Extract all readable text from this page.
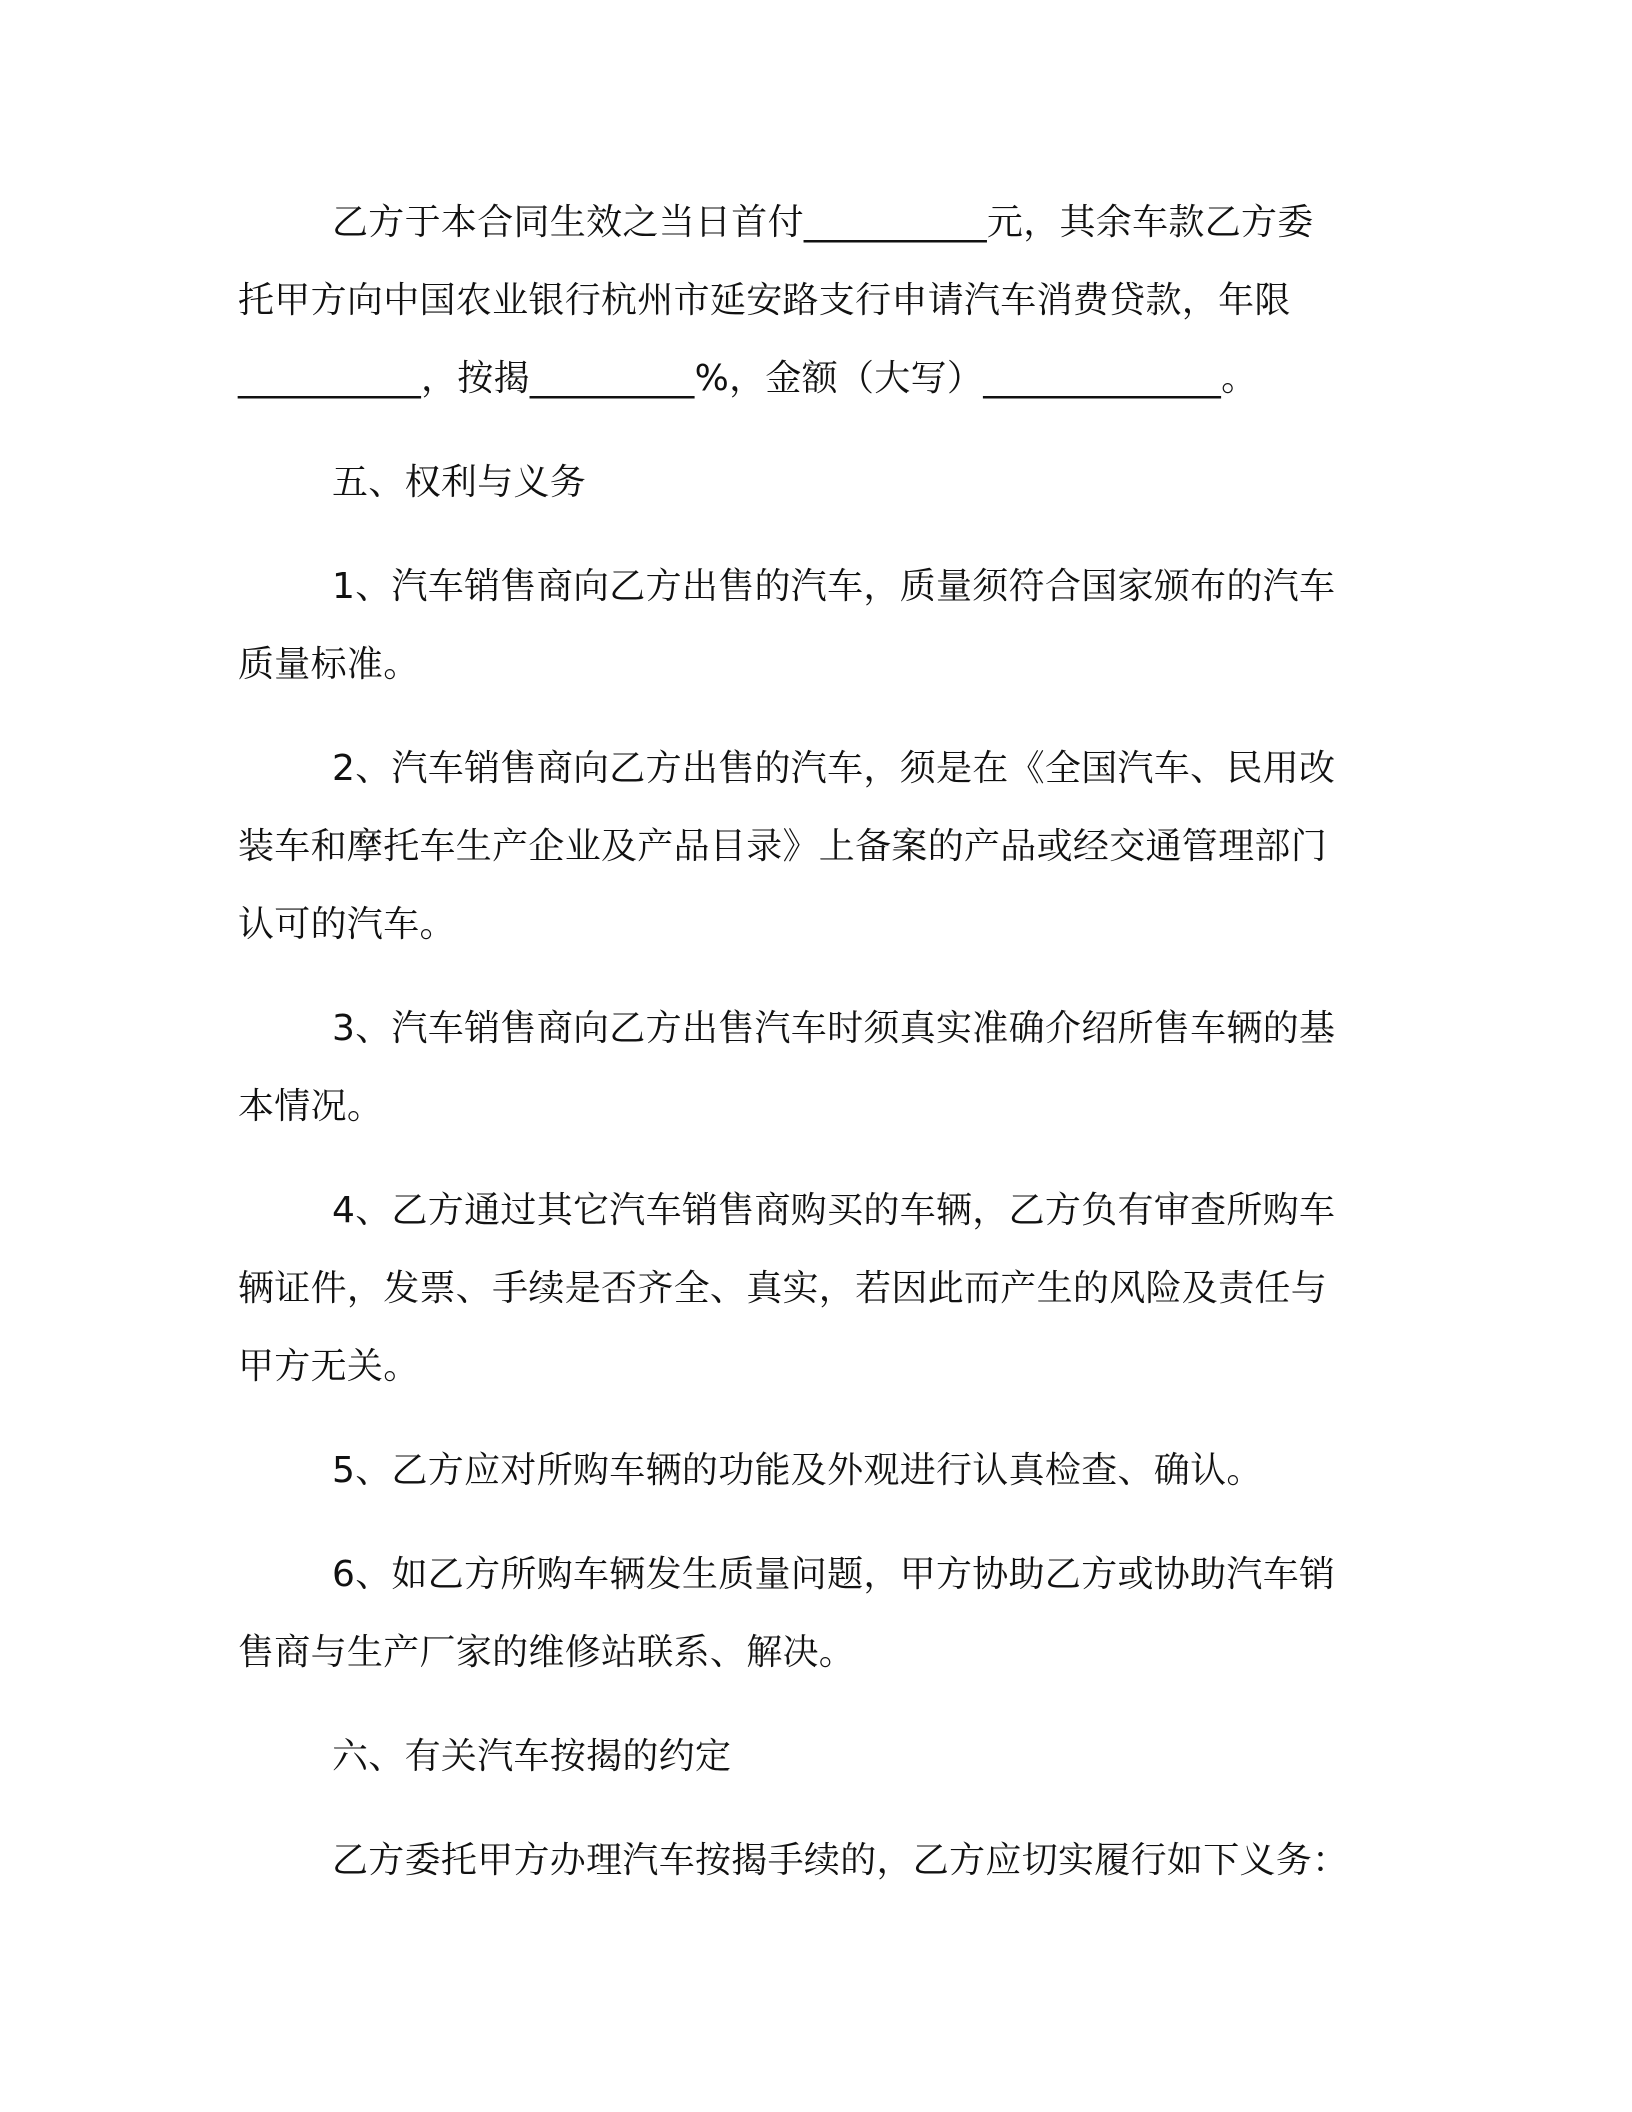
乙方于本合同生效之当日首付__________元，其余车款乙方委
托甲方向中国农业银行杭州市延安路支行申请汽车消费贷款，年限
__________，按揭_________%，金额（大写）_____________。
五、权利与义务
1、汽车销售商向乙方出售的汽车，质量须符合国家颁布的汽车
质量标准。
2、汽车销售商向乙方出售的汽车，须是在《全国汽车、民用改
装车和摩托车生产企业及产品目录》上备案的产品或经交通管理部门
认可的汽车。
3、汽车销售商向乙方出售汽车时须真实准确介绍所售车辆的基
本情况。
4、乙方通过其它汽车销售商购买的车辆，乙方负有审查所购车
辆证件，发票、手续是否齐全、真实，若因此而产生的风险及责任与
甲方无关。
5、乙方应对所购车辆的功能及外观进行认真检查、确认。
6、如乙方所购车辆发生质量问题，甲方协助乙方或协助汽车销
售商与生产厂家的维修站联系、解决。
六、有关汽车按揭的约定
乙方委托甲方办理汽车按揭手续的，乙方应切实履行如下义务：
